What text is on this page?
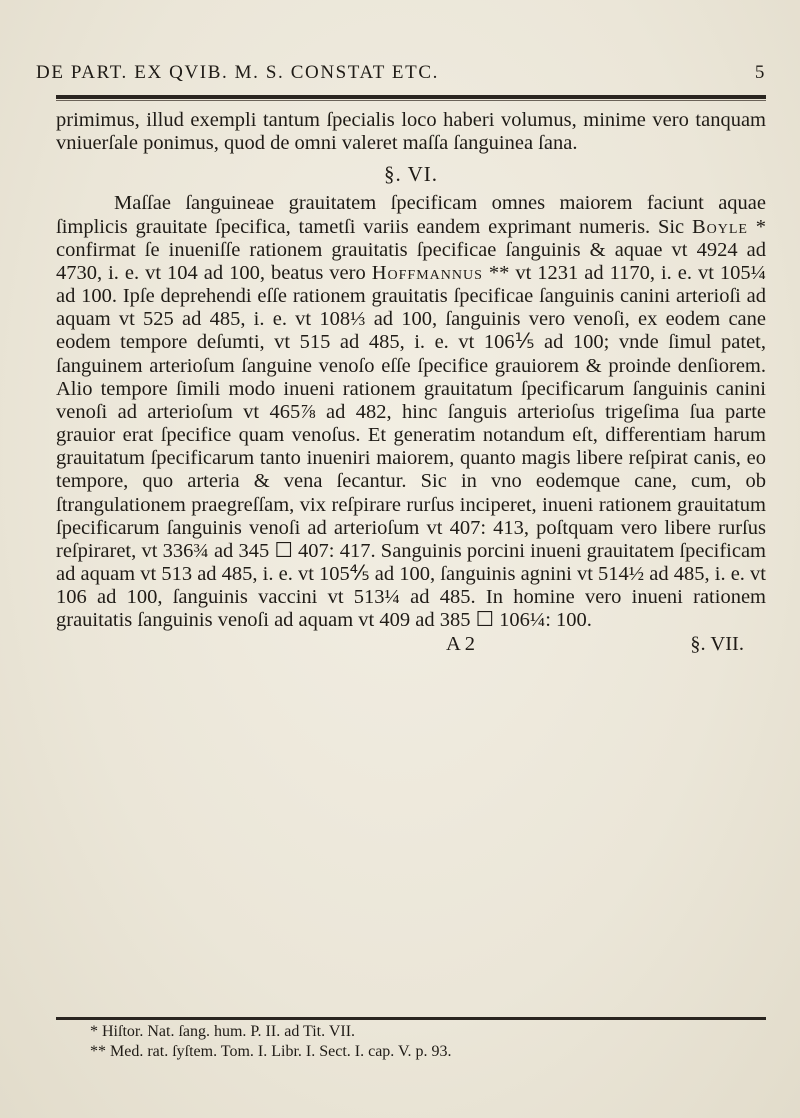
DE PART. EX QVIB. M. S. CONSTAT ETC.	5

primimus, illud exempli tantum ſpecialis loco haberi volumus, minime vero tanquam vniuerſale ponimus, quod de omni valeret maſſa ſanguinea ſana.

§. VI.

Maſſae ſanguineae grauitatem ſpecificam omnes maiorem faciunt aquae ſimplicis grauitate ſpecifica, tametſi variis eandem exprimant numeris. Sic Boyle * confirmat ſe inueniſſe rationem grauitatis ſpecificae ſanguinis & aquae vt 4924 ad 4730, i. e. vt 104 ad 100, beatus vero Hoffmannus ** vt 1231 ad 1170, i. e. vt 105¼ ad 100. Ipſe deprehendi eſſe rationem grauitatis ſpecificae ſanguinis canini arterioſi ad aquam vt 525 ad 485, i. e. vt 108⅓ ad 100, ſanguinis vero venoſi, ex eodem cane eodem tempore deſumti, vt 515 ad 485, i. e. vt 106⅕ ad 100; vnde ſimul patet, ſanguinem arterioſum ſanguine venoſo eſſe ſpecifice grauiorem & proinde denſiorem. Alio tempore ſimili modo inueni rationem grauitatum ſpecificarum ſanguinis canini venoſi ad arterioſum vt 465⅞ ad 482, hinc ſanguis arterioſus trigeſima ſua parte grauior erat ſpecifice quam venoſus. Et generatim notandum eſt, differentiam harum grauitatum ſpecificarum tanto inueniri maiorem, quanto magis libere reſpirat canis, eo tempore, quo arteria & vena ſecantur. Sic in vno eodemque cane, cum, ob ſtrangulationem praegreſſam, vix reſpirare rurſus inciperet, inueni rationem grauitatum ſpecificarum ſanguinis venoſi ad arterioſum vt 407: 413, poſtquam vero libere rurſus reſpiraret, vt 336¾ ad 345 ☐ 407: 417. Sanguinis porcini inueni grauitatem ſpecificam ad aquam vt 513 ad 485, i. e. vt 105⅘ ad 100, ſanguinis agnini vt 514½ ad 485, i. e. vt 106 ad 100, ſanguinis vaccini vt 513¼ ad 485. In homine vero inueni rationem grauitatis ſanguinis venoſi ad aquam vt 409 ad 385 ☐ 106¼: 100.

A 2	§. VII.
* Hiſtor. Nat. ſang. hum. P. II. ad Tit. VII.
** Med. rat. ſyſtem. Tom. I. Libr. I. Sect. I. cap. V. p. 93.
